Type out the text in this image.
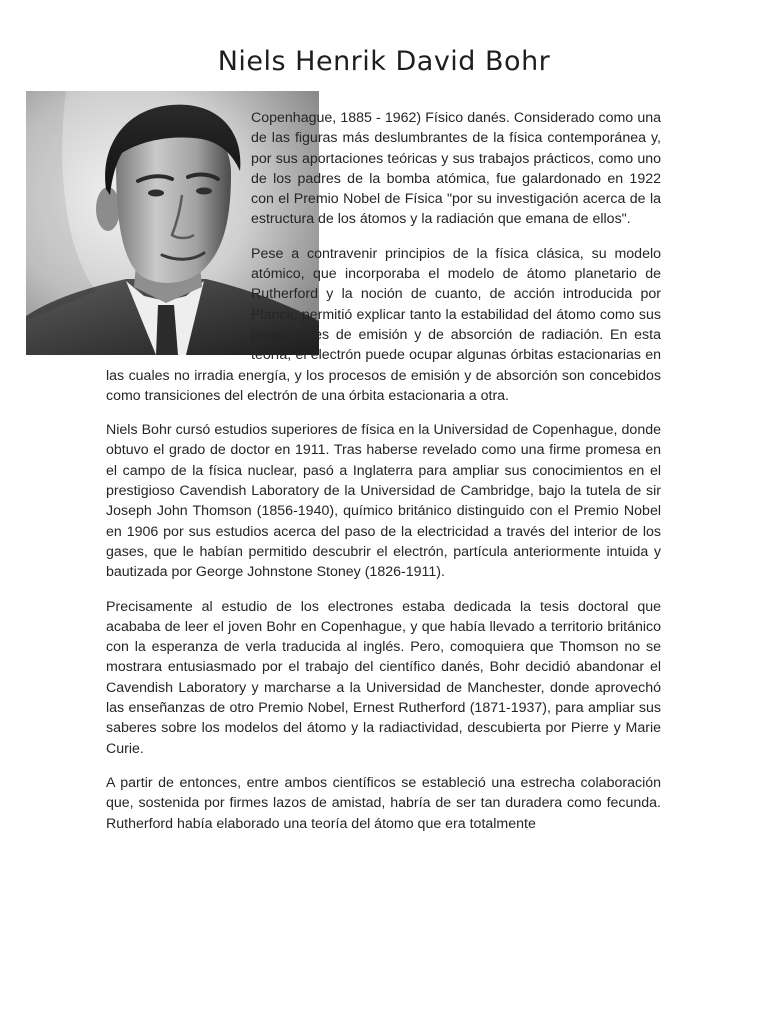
Niels Henrik David Bohr

Copenhague, 1885 - 1962) Físico danés. Considerado como una de las figuras más deslumbrantes de la física contemporánea y, por sus aportaciones teóricas y sus trabajos prácticos, como uno de los padres de la bomba atómica, fue galardonado en 1922 con el Premio Nobel de Física "por su investigación acerca de la estructura de los átomos y la radiación que emana de ellos".

Pese a contravenir principios de la física clásica, su modelo atómico, que incorporaba el modelo de átomo planetario de Rutherford y la noción de cuanto, de acción introducida por Planck, permitió explicar tanto la estabilidad del átomo como sus propiedades de emisión y de absorción de radiación. En esta teoría, el electrón puede ocupar algunas órbitas estacionarias en las cuales no irradia energía, y los procesos de emisión y de absorción son concebidos como transiciones del electrón de una órbita estacionaria a otra.

Niels Bohr cursó estudios superiores de física en la Universidad de Copenhague, donde obtuvo el grado de doctor en 1911. Tras haberse revelado como una firme promesa en el campo de la física nuclear, pasó a Inglaterra para ampliar sus conocimientos en el prestigioso Cavendish Laboratory de la Universidad de Cambridge, bajo la tutela de sir Joseph John Thomson (1856-1940), químico británico distinguido con el Premio Nobel en 1906 por sus estudios acerca del paso de la electricidad a través del interior de los gases, que le habían permitido descubrir el electrón, partícula anteriormente intuida y bautizada por George Johnstone Stoney (1826-1911).

Precisamente al estudio de los electrones estaba dedicada la tesis doctoral que acababa de leer el joven Bohr en Copenhague, y que había llevado a territorio británico con la esperanza de verla traducida al inglés. Pero, comoquiera que Thomson no se mostrara entusiasmado por el trabajo del científico danés, Bohr decidió abandonar el Cavendish Laboratory y marcharse a la Universidad de Manchester, donde aprovechó las enseñanzas de otro Premio Nobel, Ernest Rutherford (1871-1937), para ampliar sus saberes sobre los modelos del átomo y la radiactividad, descubierta por Pierre y Marie Curie.

A partir de entonces, entre ambos científicos se estableció una estrecha colaboración que, sostenida por firmes lazos de amistad, habría de ser tan duradera como fecunda. Rutherford había elaborado una teoría del átomo que era totalmente
